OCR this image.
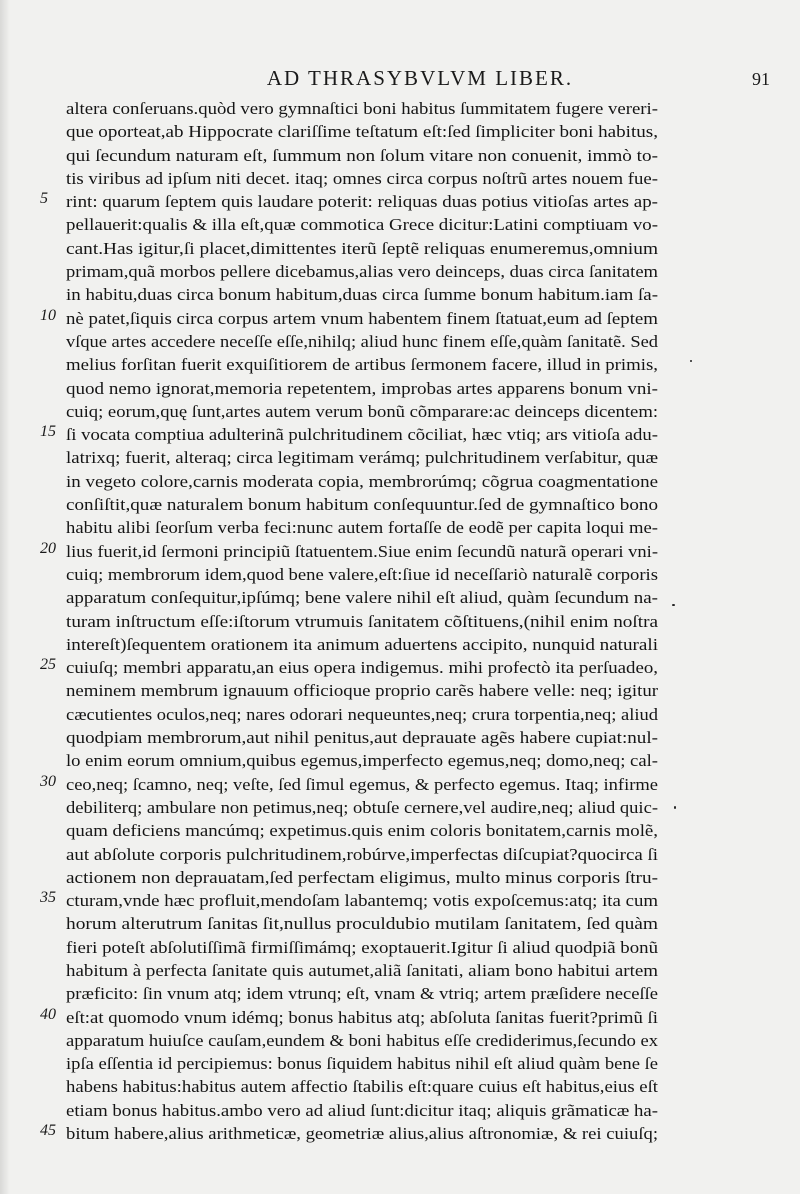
AD THRASYBVLVM LIBER.	91
5
10
15
20
25
30
35
40
45
altera conſeruans.quòd vero gymnaſtici boni habitus ſummitatem fugere vereri-
que oporteat,ab Hippocrate clariſſime teſtatum eſt:ſed ſimpliciter boni habitus,
qui ſecundum naturam eſt, ſummum non ſolum vitare non conuenit, immò to-
tis viribus ad ipſum niti decet. itaq; omnes circa corpus noſtrũ artes nouem fue-
rint: quarum ſeptem quis laudare poterit: reliquas duas potius vitioſas artes ap-
pellauerit:qualis & illa eſt,quæ commotica Grece dicitur:Latini comptiuam vo-
cant.Has igitur,ſi placet,dimittentes iterũ ſeptẽ reliquas enumeremus,omnium
primam,quã morbos pellere dicebamus,alias vero deinceps, duas circa ſanitatem
in habitu,duas circa bonum habitum,duas circa ſumme bonum habitum.iam ſa-
nè patet,ſiquis circa corpus artem vnum habentem finem ſtatuat,eum ad ſeptem
vſque artes accedere neceſſe eſſe,nihilq; aliud hunc finem eſſe,quàm ſanitatẽ. Sed
melius forſitan fuerit exquiſitiorem de artibus ſermonem facere, illud in primis,
quod nemo ignorat,memoria repetentem, improbas artes apparens bonum vni-
cuiq; eorum,quę ſunt,artes autem verum bonũ cõmparare:ac deinceps dicentem:
ſi vocata comptiua adulterinã pulchritudinem cõciliat, hæc vtiq; ars vitioſa adu-
latrixq; fuerit, alteraq; circa legitimam verámq; pulchritudinem verſabitur, quæ
in vegeto colore,carnis moderata copia, membrorúmq; cõgrua coagmentatione
conſiſtit,quæ naturalem bonum habitum conſequuntur.ſed de gymnaſtico bono
habitu alibi ſeorſum verba feci:nunc autem fortaſſe de eodẽ per capita loqui me-
lius fuerit,id ſermoni principiũ ſtatuentem.Siue enim ſecundũ naturã operari vni-
cuiq; membrorum idem,quod bene valere,eſt:ſiue id neceſſariò naturalẽ corporis
apparatum conſequitur,ipſúmq; bene valere nihil eſt aliud, quàm ſecundum na-
turam inſtructum eſſe:iſtorum vtrumuis ſanitatem cõſtituens,(nihil enim noſtra
intereſt)ſequentem orationem ita animum aduertens accipito, nunquid naturali
cuiuſq; membri apparatu,an eius opera indigemus. mihi profectò ita perſuadeo,
neminem membrum ignauum officioque proprio carẽs habere velle: neq; igitur
cæcutientes oculos,neq; nares odorari nequeuntes,neq; crura torpentia,neq; aliud
quodpiam membrorum,aut nihil penitus,aut deprauate agẽs habere cupiat:nul-
lo enim eorum omnium,quibus egemus,imperfecto egemus,neq; domo,neq; cal-
ceo,neq; ſcamno, neq; veſte, ſed ſimul egemus, & perfecto egemus. Itaq; infirme
debiliterq; ambulare non petimus,neq; obtuſe cernere,vel audire,neq; aliud quic-
quam deficiens mancúmq; expetimus.quis enim coloris bonitatem,carnis molẽ,
aut abſolute corporis pulchritudinem,robúrve,imperfectas diſcupiat?quocirca ſi
actionem non deprauatam,ſed perfectam eligimus, multo minus corporis ſtru-
cturam,vnde hæc profluit,mendoſam labantemq; votis expoſcemus:atq; ita cum
horum alterutrum ſanitas ſit,nullus proculdubio mutilam ſanitatem, ſed quàm
fieri poteſt abſolutiſſimã firmiſſimámq; exoptauerit.Igitur ſi aliud quodpiã bonũ
habitum à perfecta ſanitate quis autumet,aliã ſanitati, aliam bono habitui artem
præficito: ſin vnum atq; idem vtrunq; eſt, vnam & vtriq; artem præſidere neceſſe
eſt:at quomodo vnum idémq; bonus habitus atq; abſoluta ſanitas fuerit?primũ ſi
apparatum huiuſce cauſam,eundem & boni habitus eſſe crediderimus,ſecundo ex
ipſa eſſentia id percipiemus: bonus ſiquidem habitus nihil eſt aliud quàm bene ſe
habens habitus:habitus autem affectio ſtabilis eſt:quare cuius eſt habitus,eius eſt
etiam bonus habitus.ambo vero ad aliud ſunt:dicitur itaq; aliquis grãmaticæ ha-
bitum habere,alius arithmeticæ, geometriæ alius,alius aſtronomiæ, & rei cuiuſq;
